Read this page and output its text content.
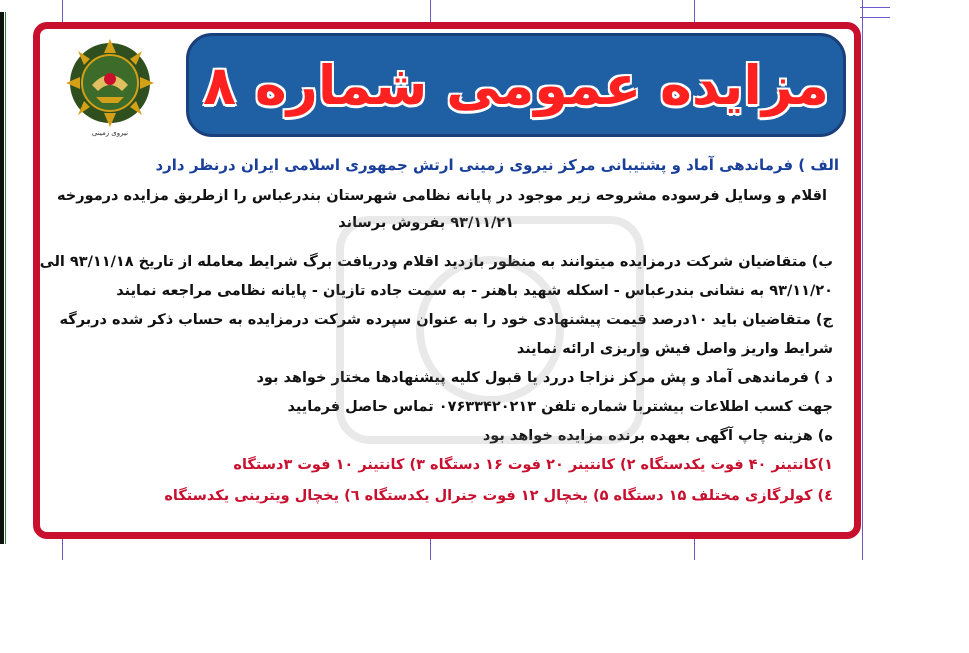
نیروی زمینی
مزایده عمومی شماره ۸
الف ) فرماندهی آماد و پشتیبانی مرکز نیروی زمینی ارتش جمهوری اسلامی ایران درنظر دارد
اقلام و وسایل فرسوده مشروحه زیر موجود در پایانه نظامی شهرستان بندرعباس را ازطریق مزایده درمورخه
۹۳/۱۱/۲۱ بفروش برساند
ب) متقاضیان شرکت درمزایده میتوانند به منظور بازدید اقلام ودریافت برگ شرایط معامله از تاریخ ۹۳/۱۱/۱۸ الی
۹۳/۱۱/۲۰ به نشانی بندرعباس - اسکله شهید باهنر - به سمت جاده تازیان - پایانه نظامی مراجعه نمایند
ج) متقاضیان باید ۱۰درصد قیمت پیشنهادی خود را به عنوان سپرده شرکت درمزایده به حساب ذکر شده دربرگه
شرایط واریز واصل فیش واریزی ارائه نمایند
د ) فرماندهی آماد و پش مرکز نزاجا دررد یا قبول کلیه پیشنهادها مختار خواهد بود
جهت کسب اطلاعات بیشتربا شماره تلفن ۰۷۶۳۳۴۲۰۲۱۳ تماس حاصل فرمایید
ه) هزینه چاپ آگهی بعهده برنده مزایده خواهد بود
۱)کانتینر ۴۰ فوت یکدستگاه ۲) کانتینر ۲۰ فوت ۱۶ دستگاه ۳) کانتینر ۱۰ فوت ۳دستگاه
٤) کولرگازی مختلف ۱۵ دستگاه ۵) یخچال ۱۲ فوت جنرال یکدستگاه ٦) یخچال ویترینی یکدستگاه
